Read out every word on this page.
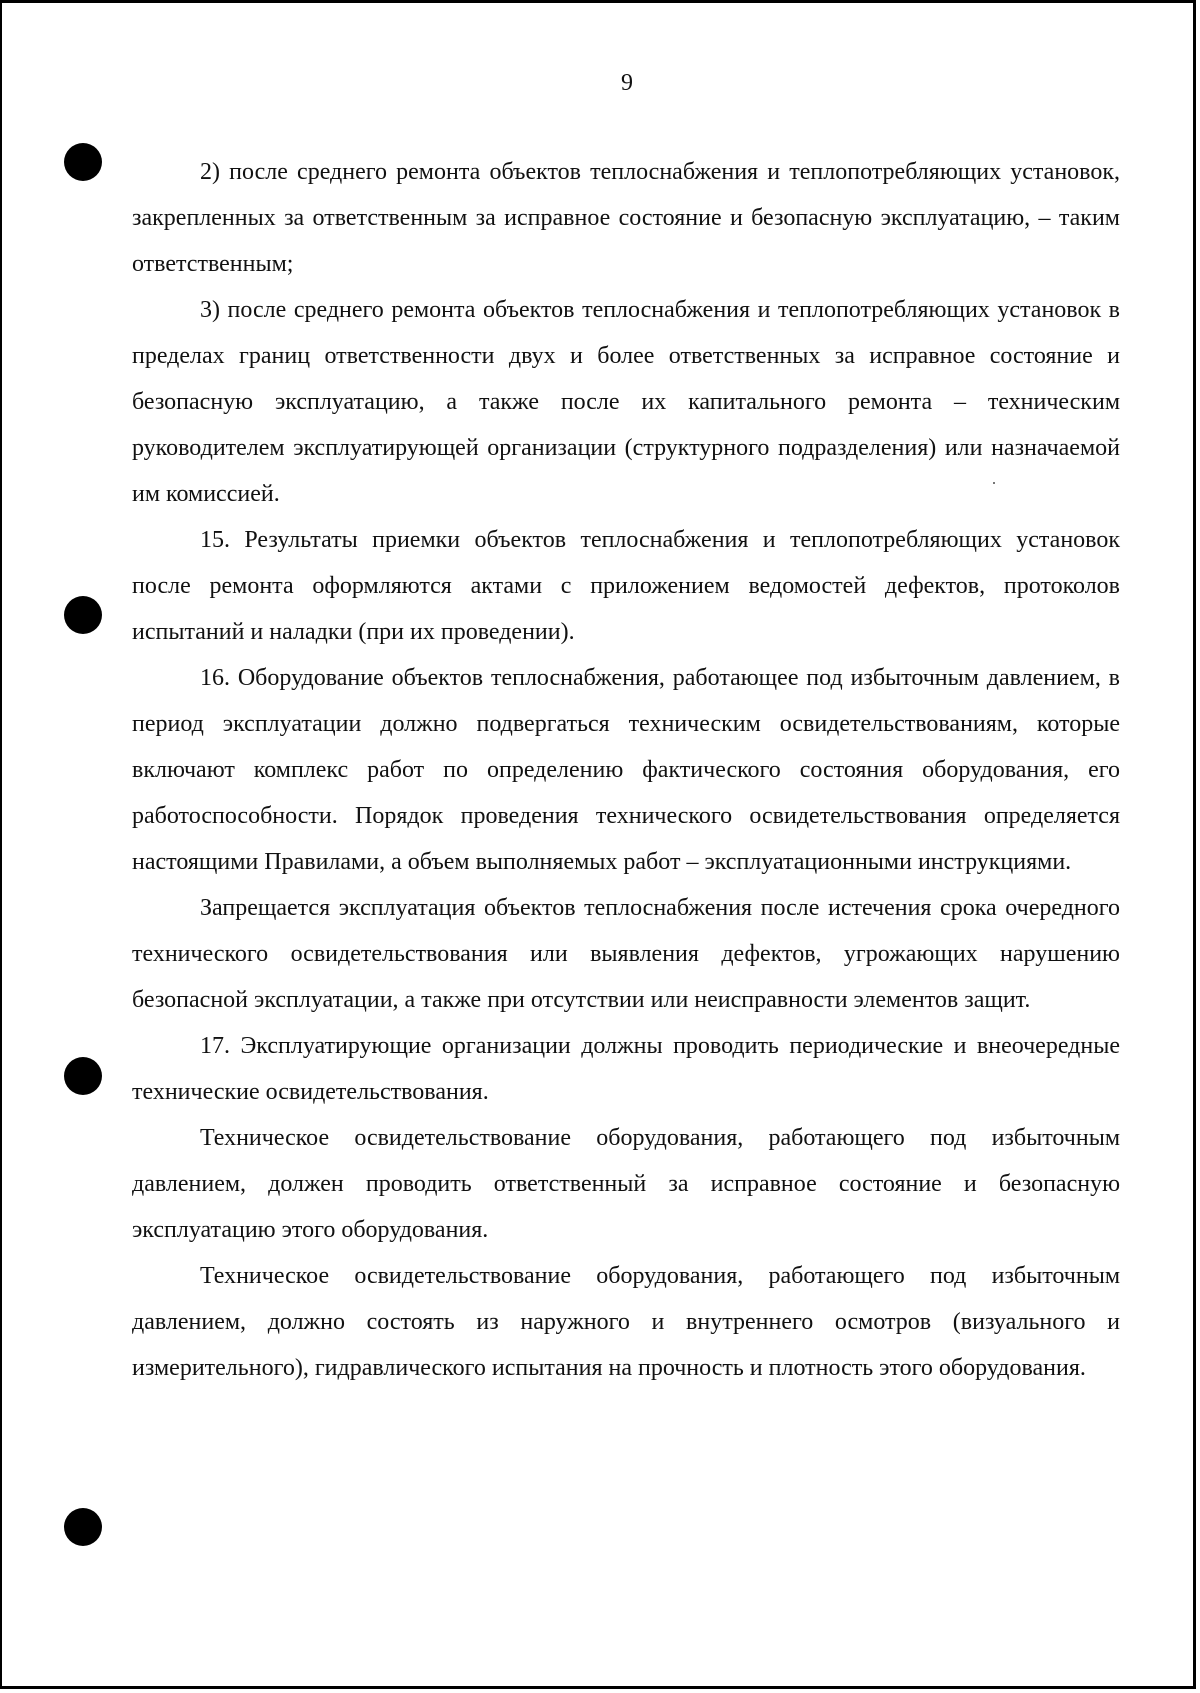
9

2) после среднего ремонта объектов теплоснабжения и теплопотребляющих установок, закрепленных за ответственным за исправное состояние и безопасную эксплуатацию, – таким ответственным;

3) после среднего ремонта объектов теплоснабжения и теплопотребляющих установок в пределах границ ответственности двух и более ответственных за исправное состояние и безопасную эксплуатацию, а также после их капитального ремонта – техническим руководителем эксплуатирующей организации (структурного подразделения) или назначаемой им комиссией.

15. Результаты приемки объектов теплоснабжения и теплопотребляющих установок после ремонта оформляются актами с приложением ведомостей дефектов, протоколов испытаний и наладки (при их проведении).

16. Оборудование объектов теплоснабжения, работающее под избыточным давлением, в период эксплуатации должно подвергаться техническим освидетельствованиям, которые включают комплекс работ по определению фактического состояния оборудования, его работоспособности. Порядок проведения технического освидетельствования определяется настоящими Правилами, а объем выполняемых работ – эксплуатационными инструкциями.

Запрещается эксплуатация объектов теплоснабжения после истечения срока очередного технического освидетельствования или выявления дефектов, угрожающих нарушению безопасной эксплуатации, а также при отсутствии или неисправности элементов защит.

17. Эксплуатирующие организации должны проводить периодические и внеочередные технические освидетельствования.

Техническое освидетельствование оборудования, работающего под избыточным давлением, должен проводить ответственный за исправное состояние и безопасную эксплуатацию этого оборудования.

Техническое освидетельствование оборудования, работающего под избыточным давлением, должно состоять из наружного и внутреннего осмотров (визуального и измерительного), гидравлического испытания на прочность и плотность этого оборудования.
